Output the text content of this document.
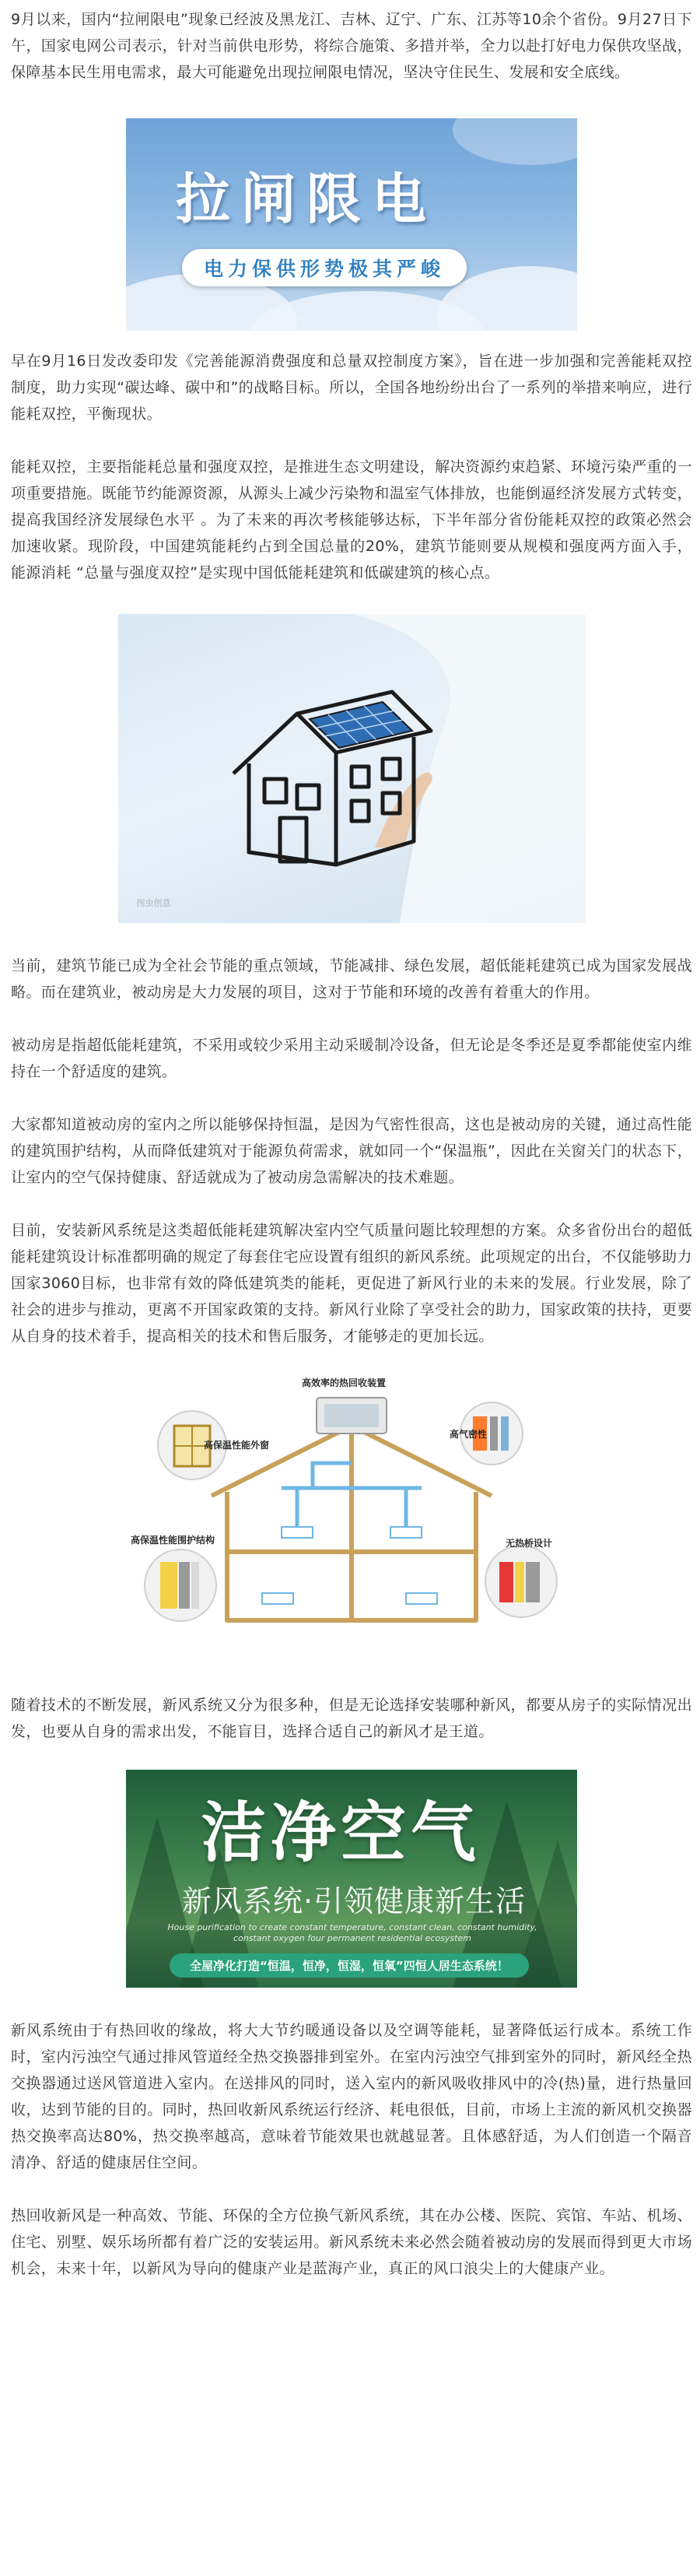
9月以来，国内“拉闸限电”现象已经波及黑龙江、吉林、辽宁、广东、江苏等10余个省份。9月27日下午，国家电网公司表示，针对当前供电形势，将综合施策、多措并举，全力以赴打好电力保供攻坚战，保障基本民生用电需求，最大可能避免出现拉闸限电情况，坚决守住民生、发展和安全底线。

拉闸限电
电力保供形势极其严峻

早在9月16日发改委印发《完善能源消费强度和总量双控制度方案》，旨在进一步加强和完善能耗双控制度，助力实现“碳达峰、碳中和”的战略目标。所以，全国各地纷纷出台了一系列的举措来响应，进行能耗双控，平衡现状。

能耗双控，主要指能耗总量和强度双控，是推进生态文明建设，解决资源约束趋紧、环境污染严重的一项重要措施。既能节约能源资源，从源头上减少污染物和温室气体排放，也能倒逼经济发展方式转变，提高我国经济发展绿色水平 。为了未来的再次考核能够达标，下半年部分省份能耗双控的政策必然会加速收紧。现阶段，中国建筑能耗约占到全国总量的20%，建筑节能则要从规模和强度两方面入手，能源消耗 “总量与强度双控”是实现中国低能耗建筑和低碳建筑的核心点。

图虫创意

当前，建筑节能已成为全社会节能的重点领域，节能减排、绿色发展，超低能耗建筑已成为国家发展战略。而在建筑业，被动房是大力发展的项目，这对于节能和环境的改善有着重大的作用。

被动房是指超低能耗建筑，不采用或较少采用主动采暖制冷设备，但无论是冬季还是夏季都能使室内维持在一个舒适度的建筑。

大家都知道被动房的室内之所以能够保持恒温，是因为气密性很高，这也是被动房的关键，通过高性能的建筑围护结构，从而降低建筑对于能源负荷需求，就如同一个“保温瓶”，因此在关窗关门的状态下，让室内的空气保持健康、舒适就成为了被动房急需解决的技术难题。

目前，安装新风系统是这类超低能耗建筑解决室内空气质量问题比较理想的方案。众多省份出台的超低能耗建筑设计标准都明确的规定了每套住宅应设置有组织的新风系统。此项规定的出台，不仅能够助力国家3060目标，也非常有效的降低建筑类的能耗，更促进了新风行业的未来的发展。行业发展，除了社会的进步与推动，更离不开国家政策的支持。新风行业除了享受社会的助力，国家政策的扶持，更要从自身的技术着手，提高相关的技术和售后服务，才能够走的更加长远。

高效率的热回收装置
高保温性能外窗
高气密性
高保温性能围护结构	无热桥设计

随着技术的不断发展，新风系统又分为很多种，但是无论选择安装哪种新风，都要从房子的实际情况出发，也要从自身的需求出发，不能盲目，选择合适自己的新风才是王道。

洁净空气
新风系统·引领健康新生活
House purification to create constant temperature, constant clean, constant humidity, constant oxygen four permanent residential ecosystem
全屋净化打造“恒温，恒净，恒湿，恒氧”四恒人居生态系统！

新风系统由于有热回收的缘故，将大大节约暖通设备以及空调等能耗，显著降低运行成本。系统工作时，室内污浊空气通过排风管道经全热交换器排到室外。在室内污浊空气排到室外的同时，新风经全热交换器通过送风管道进入室内。在送排风的同时，送入室内的新风吸收排风中的冷(热)量，进行热量回收，达到节能的目的。同时，热回收新风系统运行经济、耗电很低，目前，市场上主流的新风机交换器热交换率高达80%，热交换率越高，意味着节能效果也就越显著。且体感舒适，为人们创造一个隔音清净、舒适的健康居住空间。

热回收新风是一种高效、节能、环保的全方位换气新风系统，其在办公楼、医院、宾馆、车站、机场、住宅、别墅、娱乐场所都有着广泛的安装运用。新风系统未来必然会随着被动房的发展而得到更大市场机会，未来十年，以新风为导向的健康产业是蓝海产业，真正的风口浪尖上的大健康产业。
